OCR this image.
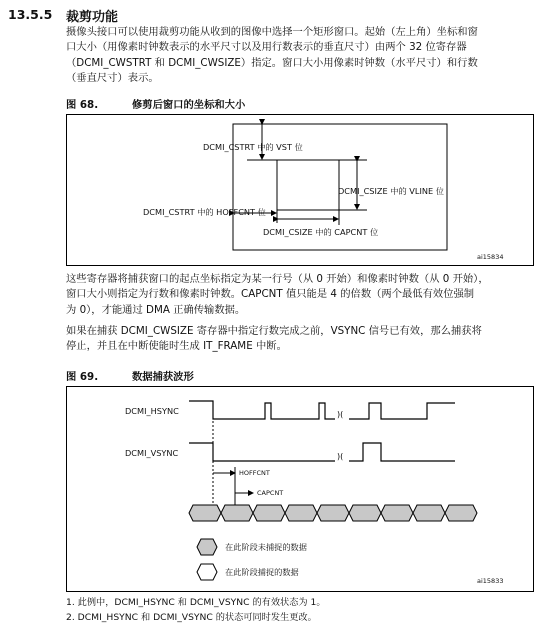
13.5.5 裁剪功能
摄像头接口可以使用裁剪功能从收到的图像中选择一个矩形窗口。起始（左上角）坐标和窗
口大小（用像素时钟数表示的水平尺寸以及用行数表示的垂直尺寸）由两个 32 位寄存器
（DCMI_CWSTRT 和 DCMI_CWSIZE）指定。窗口大小用像素时钟数（水平尺寸）和行数
（垂直尺寸）表示。
图 68.	修剪后窗口的坐标和大小
DCMI_CSTRT 中的 VST 位
DCMI_CSIZE 中的 VLINE 位
DCMI_CSTRT 中的 HOFFCNT 位
DCMI_CSIZE 中的 CAPCNT 位
ai15834
这些寄存器将捕获窗口的起点坐标指定为某一行号（从 0 开始）和像素时钟数（从 0 开始），
窗口大小则指定为行数和像素时钟数。CAPCNT 值只能是 4 的倍数（两个最低有效位强制
为 0），才能通过 DMA 正确传输数据。
如果在捕获 DCMI_CWSIZE 寄存器中指定行数完成之前，VSYNC 信号已有效，那么捕获将
停止，并且在中断使能时生成 IT_FRAME 中断。
图 69.	数据捕获波形
)(
)(
DCMI_HSYNC
DCMI_VSYNC
HOFFCNT
CAPCNT
在此阶段未捕捉的数据
在此阶段捕捉的数据
ai15833
1. 此例中，DCMI_HSYNC 和 DCMI_VSYNC 的有效状态为 1。
2. DCMI_HSYNC 和 DCMI_VSYNC 的状态可同时发生更改。
